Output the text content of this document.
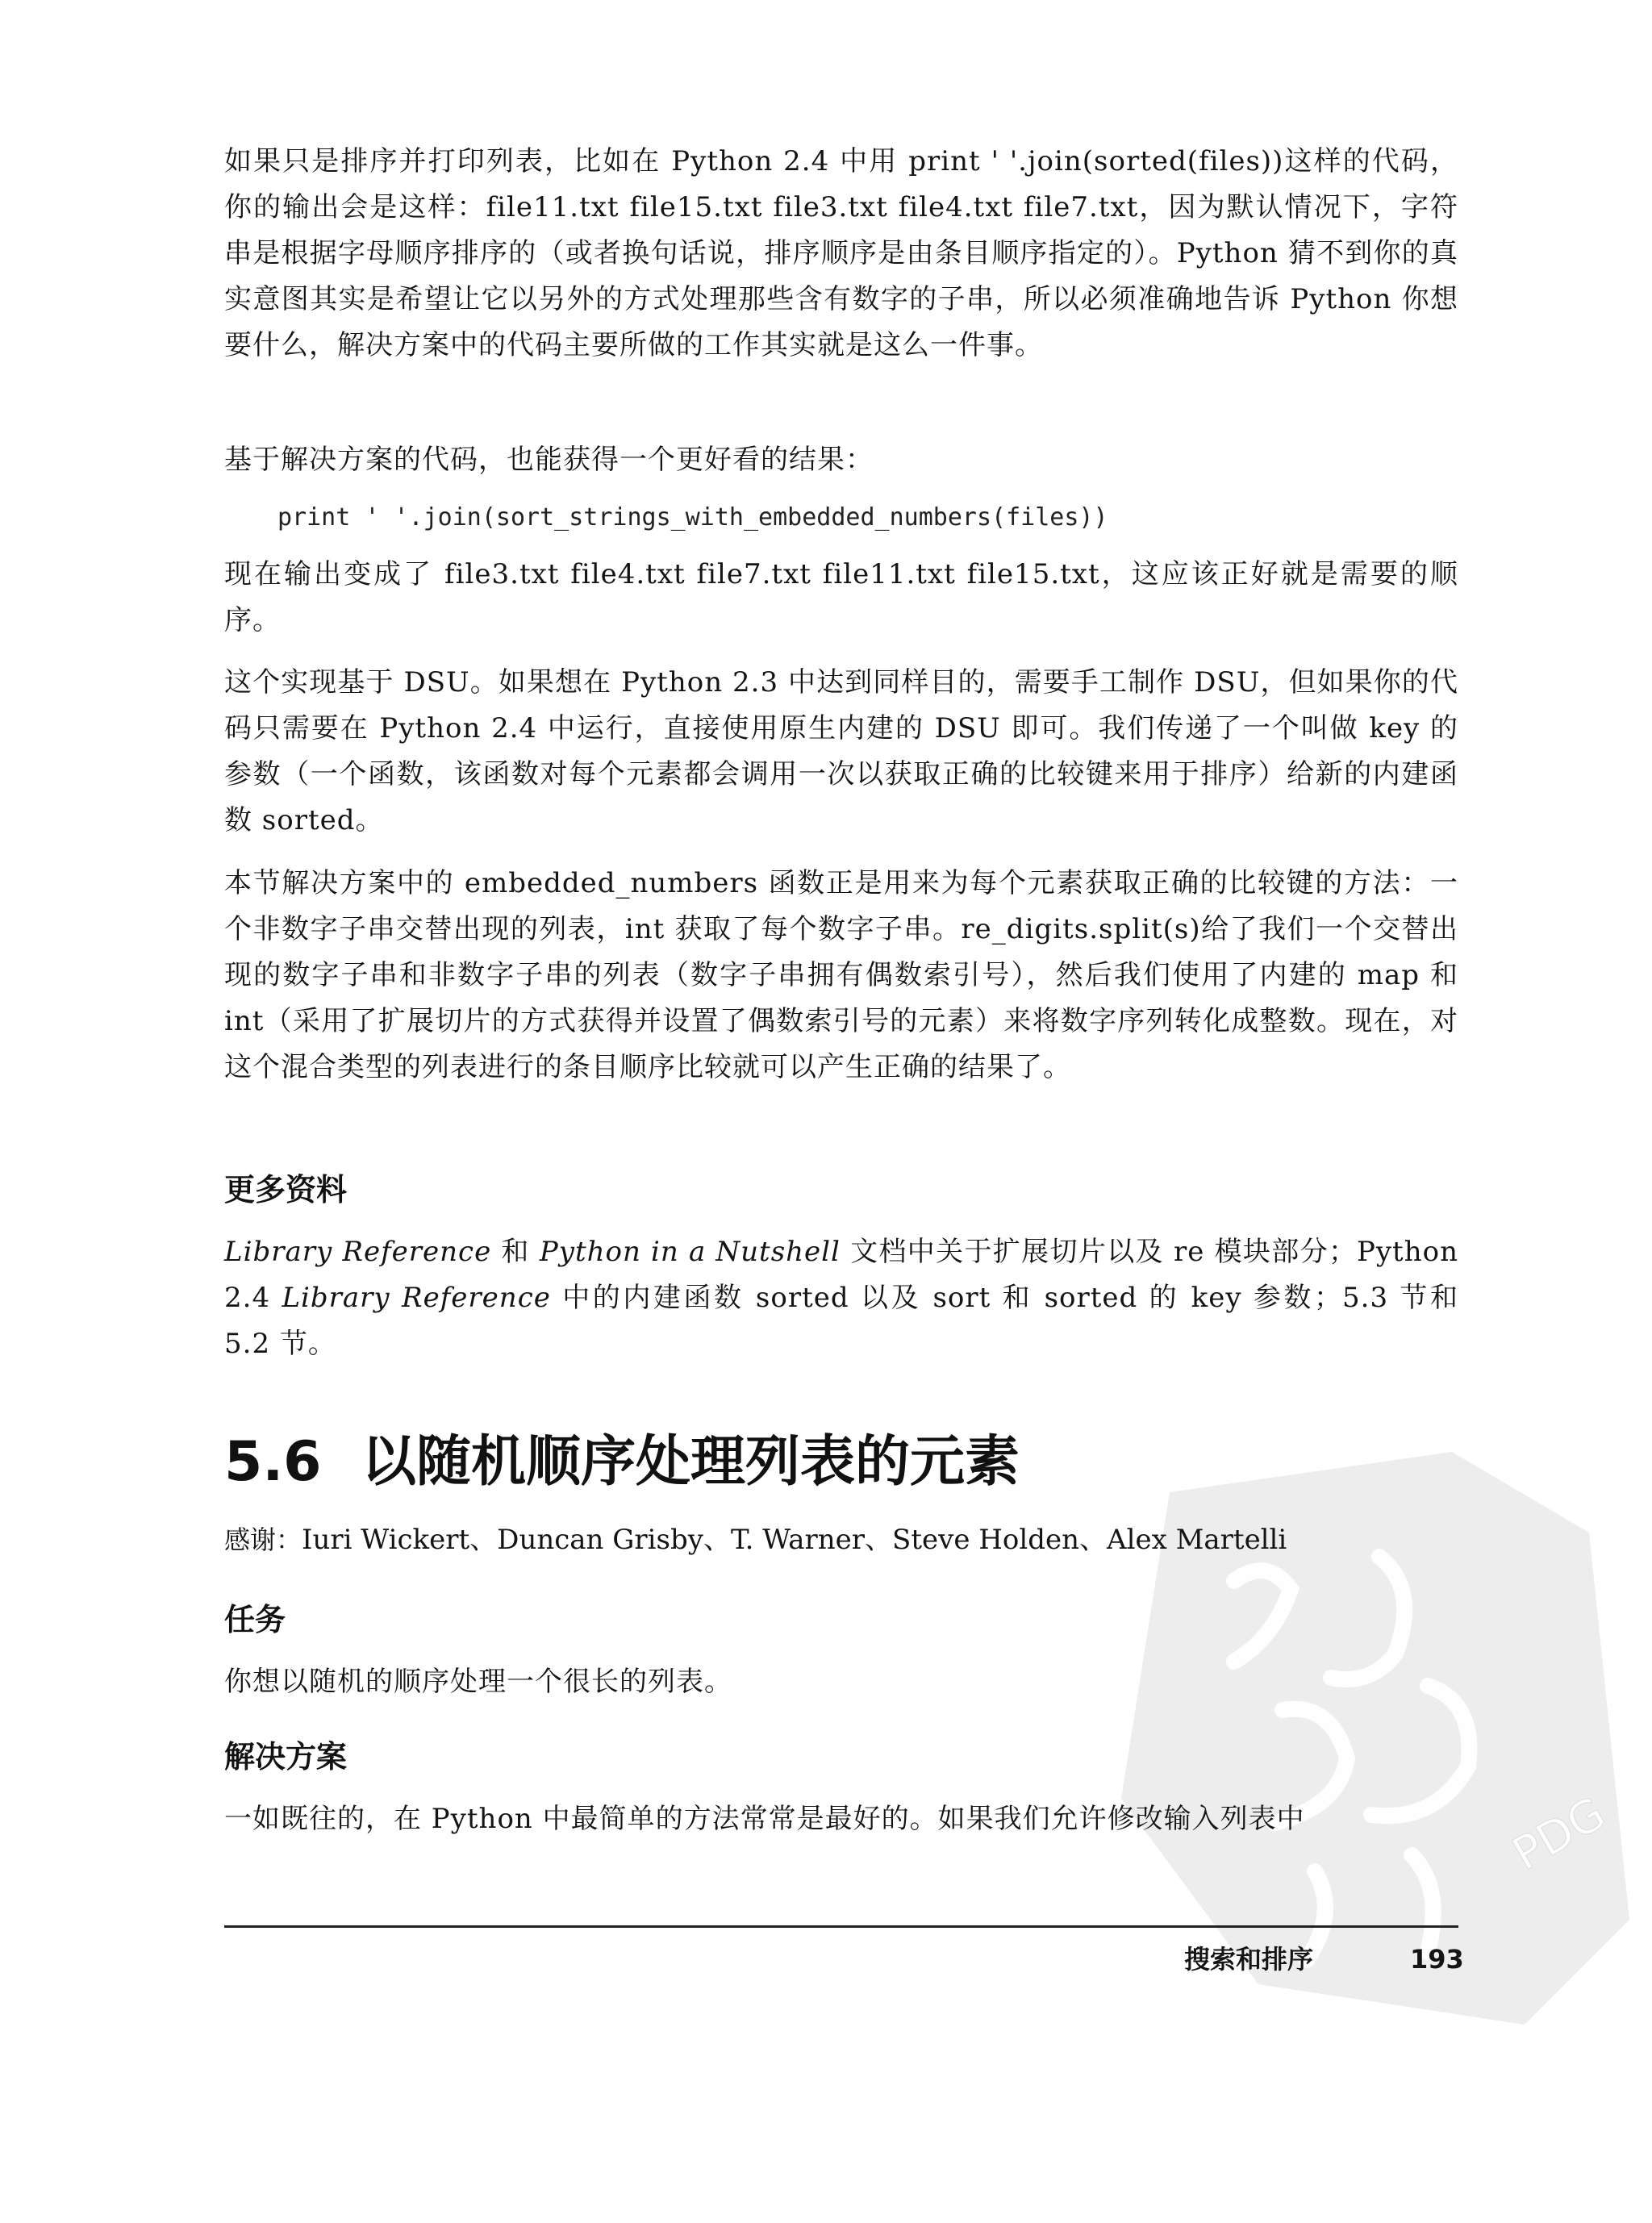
PDG
如果只是排序并打印列表，比如在 Python 2.4 中用 print ' '.join(sorted(files))这样的代码，你的输出会是这样：file11.txt file15.txt file3.txt file4.txt file7.txt，因为默认情况下，字符串是根据字母顺序排序的（或者换句话说，排序顺序是由条目顺序指定的）。Python 猜不到你的真实意图其实是希望让它以另外的方式处理那些含有数字的子串，所以必须准确地告诉 Python 你想要什么，解决方案中的代码主要所做的工作其实就是这么一件事。
基于解决方案的代码，也能获得一个更好看的结果：
print ' '.join(sort_strings_with_embedded_numbers(files))
现在输出变成了 file3.txt file4.txt file7.txt file11.txt file15.txt，这应该正好就是需要的顺序。
这个实现基于 DSU。如果想在 Python 2.3 中达到同样目的，需要手工制作 DSU，但如果你的代码只需要在 Python 2.4 中运行，直接使用原生内建的 DSU 即可。我们传递了一个叫做 key 的参数（一个函数，该函数对每个元素都会调用一次以获取正确的比较键来用于排序）给新的内建函数 sorted。
本节解决方案中的 embedded_numbers 函数正是用来为每个元素获取正确的比较键的方法：一个非数字子串交替出现的列表，int 获取了每个数字子串。re_digits.split(s)给了我们一个交替出现的数字子串和非数字子串的列表（数字子串拥有偶数索引号），然后我们使用了内建的 map 和 int（采用了扩展切片的方式获得并设置了偶数索引号的元素）来将数字序列转化成整数。现在，对这个混合类型的列表进行的条目顺序比较就可以产生正确的结果了。
更多资料
Library Reference 和 Python in a Nutshell 文档中关于扩展切片以及 re 模块部分；Python 2.4 Library Reference 中的内建函数 sorted 以及 sort 和 sorted 的 key 参数；5.3 节和 5.2 节。
5.6 以随机顺序处理列表的元素
感谢：Iuri Wickert、Duncan Grisby、T. Warner、Steve Holden、Alex Martelli
任务
你想以随机的顺序处理一个很长的列表。
解决方案
一如既往的，在 Python 中最简单的方法常常是最好的。如果我们允许修改输入列表中
搜索和排序	193
